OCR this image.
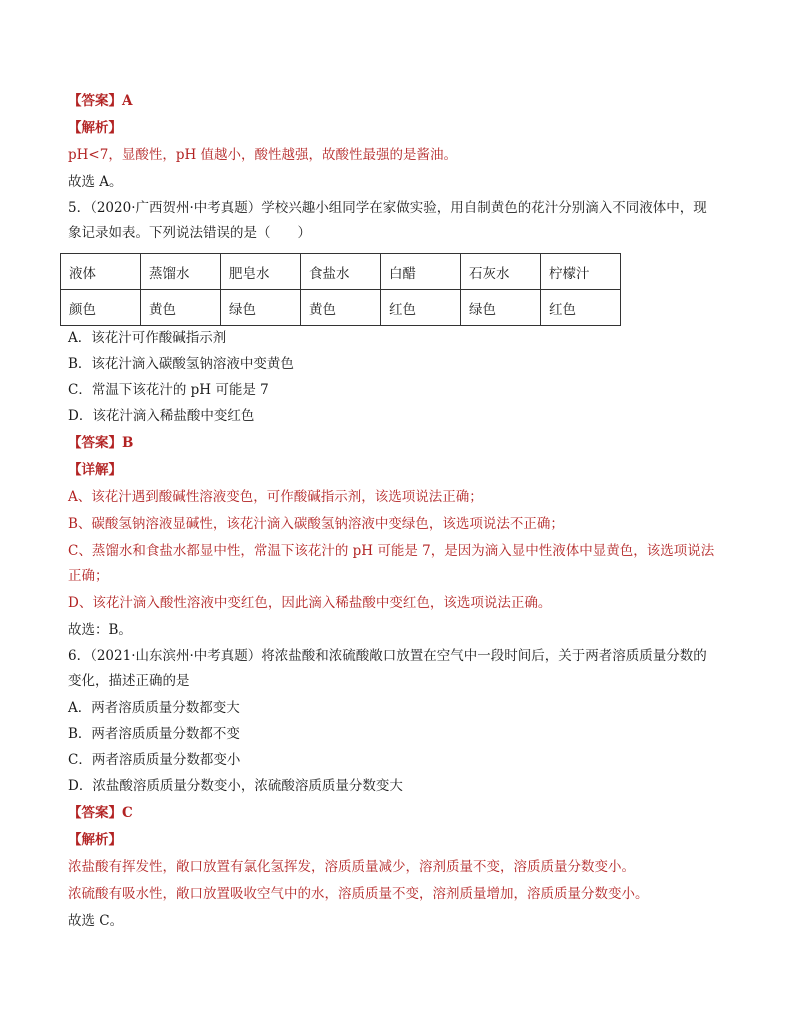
【答案】A
【解析】
pH<7，显酸性，pH 值越小，酸性越强，故酸性最强的是酱油。
故选 A。
5．（2020·广西贺州·中考真题）学校兴趣小组同学在家做实验，用自制黄色的花汁分别滴入不同液体中，现
象记录如表。下列说法错误的是（　　）
液体	蒸馏水	肥皂水	食盐水	白醋	石灰水	柠檬汁
颜色	黄色	绿色	黄色	红色	绿色	红色
A．该花汁可作酸碱指示剂
B．该花汁滴入碳酸氢钠溶液中变黄色
C．常温下该花汁的 pH 可能是 7
D．该花汁滴入稀盐酸中变红色
【答案】B
【详解】
A、该花汁遇到酸碱性溶液变色，可作酸碱指示剂，该选项说法正确；
B、碳酸氢钠溶液显碱性，该花汁滴入碳酸氢钠溶液中变绿色，该选项说法不正确；
C、蒸馏水和食盐水都显中性，常温下该花汁的 pH 可能是 7，是因为滴入显中性液体中显黄色，该选项说法
正确；
D、该花汁滴入酸性溶液中变红色，因此滴入稀盐酸中变红色，该选项说法正确。
故选：B。
6．（2021·山东滨州·中考真题）将浓盐酸和浓硫酸敞口放置在空气中一段时间后，关于两者溶质质量分数的
变化，描述正确的是
A．两者溶质质量分数都变大
B．两者溶质质量分数都不变
C．两者溶质质量分数都变小
D．浓盐酸溶质质量分数变小，浓硫酸溶质质量分数变大
【答案】C
【解析】
浓盐酸有挥发性，敞口放置有氯化氢挥发，溶质质量减少，溶剂质量不变，溶质质量分数变小。
浓硫酸有吸水性，敞口放置吸收空气中的水，溶质质量不变，溶剂质量增加，溶质质量分数变小。
故选 C。
